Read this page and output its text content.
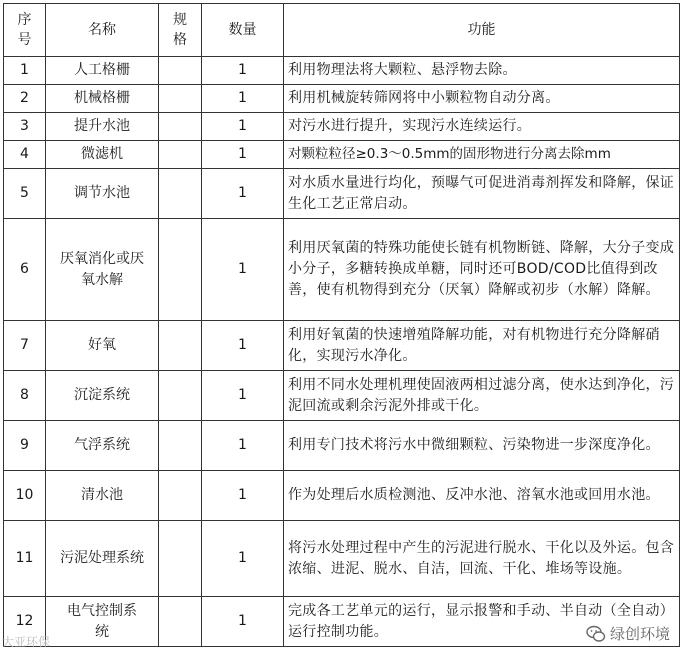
序号	名称	规格	数量	功能
1	人工格栅		1	利用物理法将大颗粒、悬浮物去除。
2	机械格栅		1	利用机械旋转筛网将中小颗粒物自动分离。
3	提升水池		1	对污水进行提升，实现污水连续运行。
4	微滤机		1	对颗粒粒径≥0.3～0.5mm的固形物进行分离去除mm
5	调节水池		1	对水质水量进行均化，预曝气可促进消毒剂挥发和降解，保证生化工艺正常启动。
6	厌氧消化或厌氧水解		1	利用厌氧菌的特殊功能使长链有机物断链、降解，大分子变成小分子，多糖转换成单糖，同时还可BOD/COD比值得到改善，使有机物得到充分（厌氧）降解或初步（水解）降解。
7	好氧		1	利用好氧菌的快速增殖降解功能，对有机物进行充分降解硝化，实现污水净化。
8	沉淀系统		1	利用不同水处理机理使固液两相过滤分离，使水达到净化，污泥回流或剩余污泥外排或干化。
9	气浮系统		1	利用专门技术将污水中微细颗粒、污染物进一步深度净化。
10	清水池		1	作为处理后水质检测池、反冲水池、溶氧水池或回用水池。
11	污泥处理系统		1	将污水处理过程中产生的污泥进行脱水、干化以及外运。包含浓缩、进泥、脱水、自洁，回流、干化、堆场等设施。
12	电气控制系统		1	完成各工艺单元的运行，显示报警和手动、半自动（全自动）运行控制功能。
大亚环保	绿创环境
